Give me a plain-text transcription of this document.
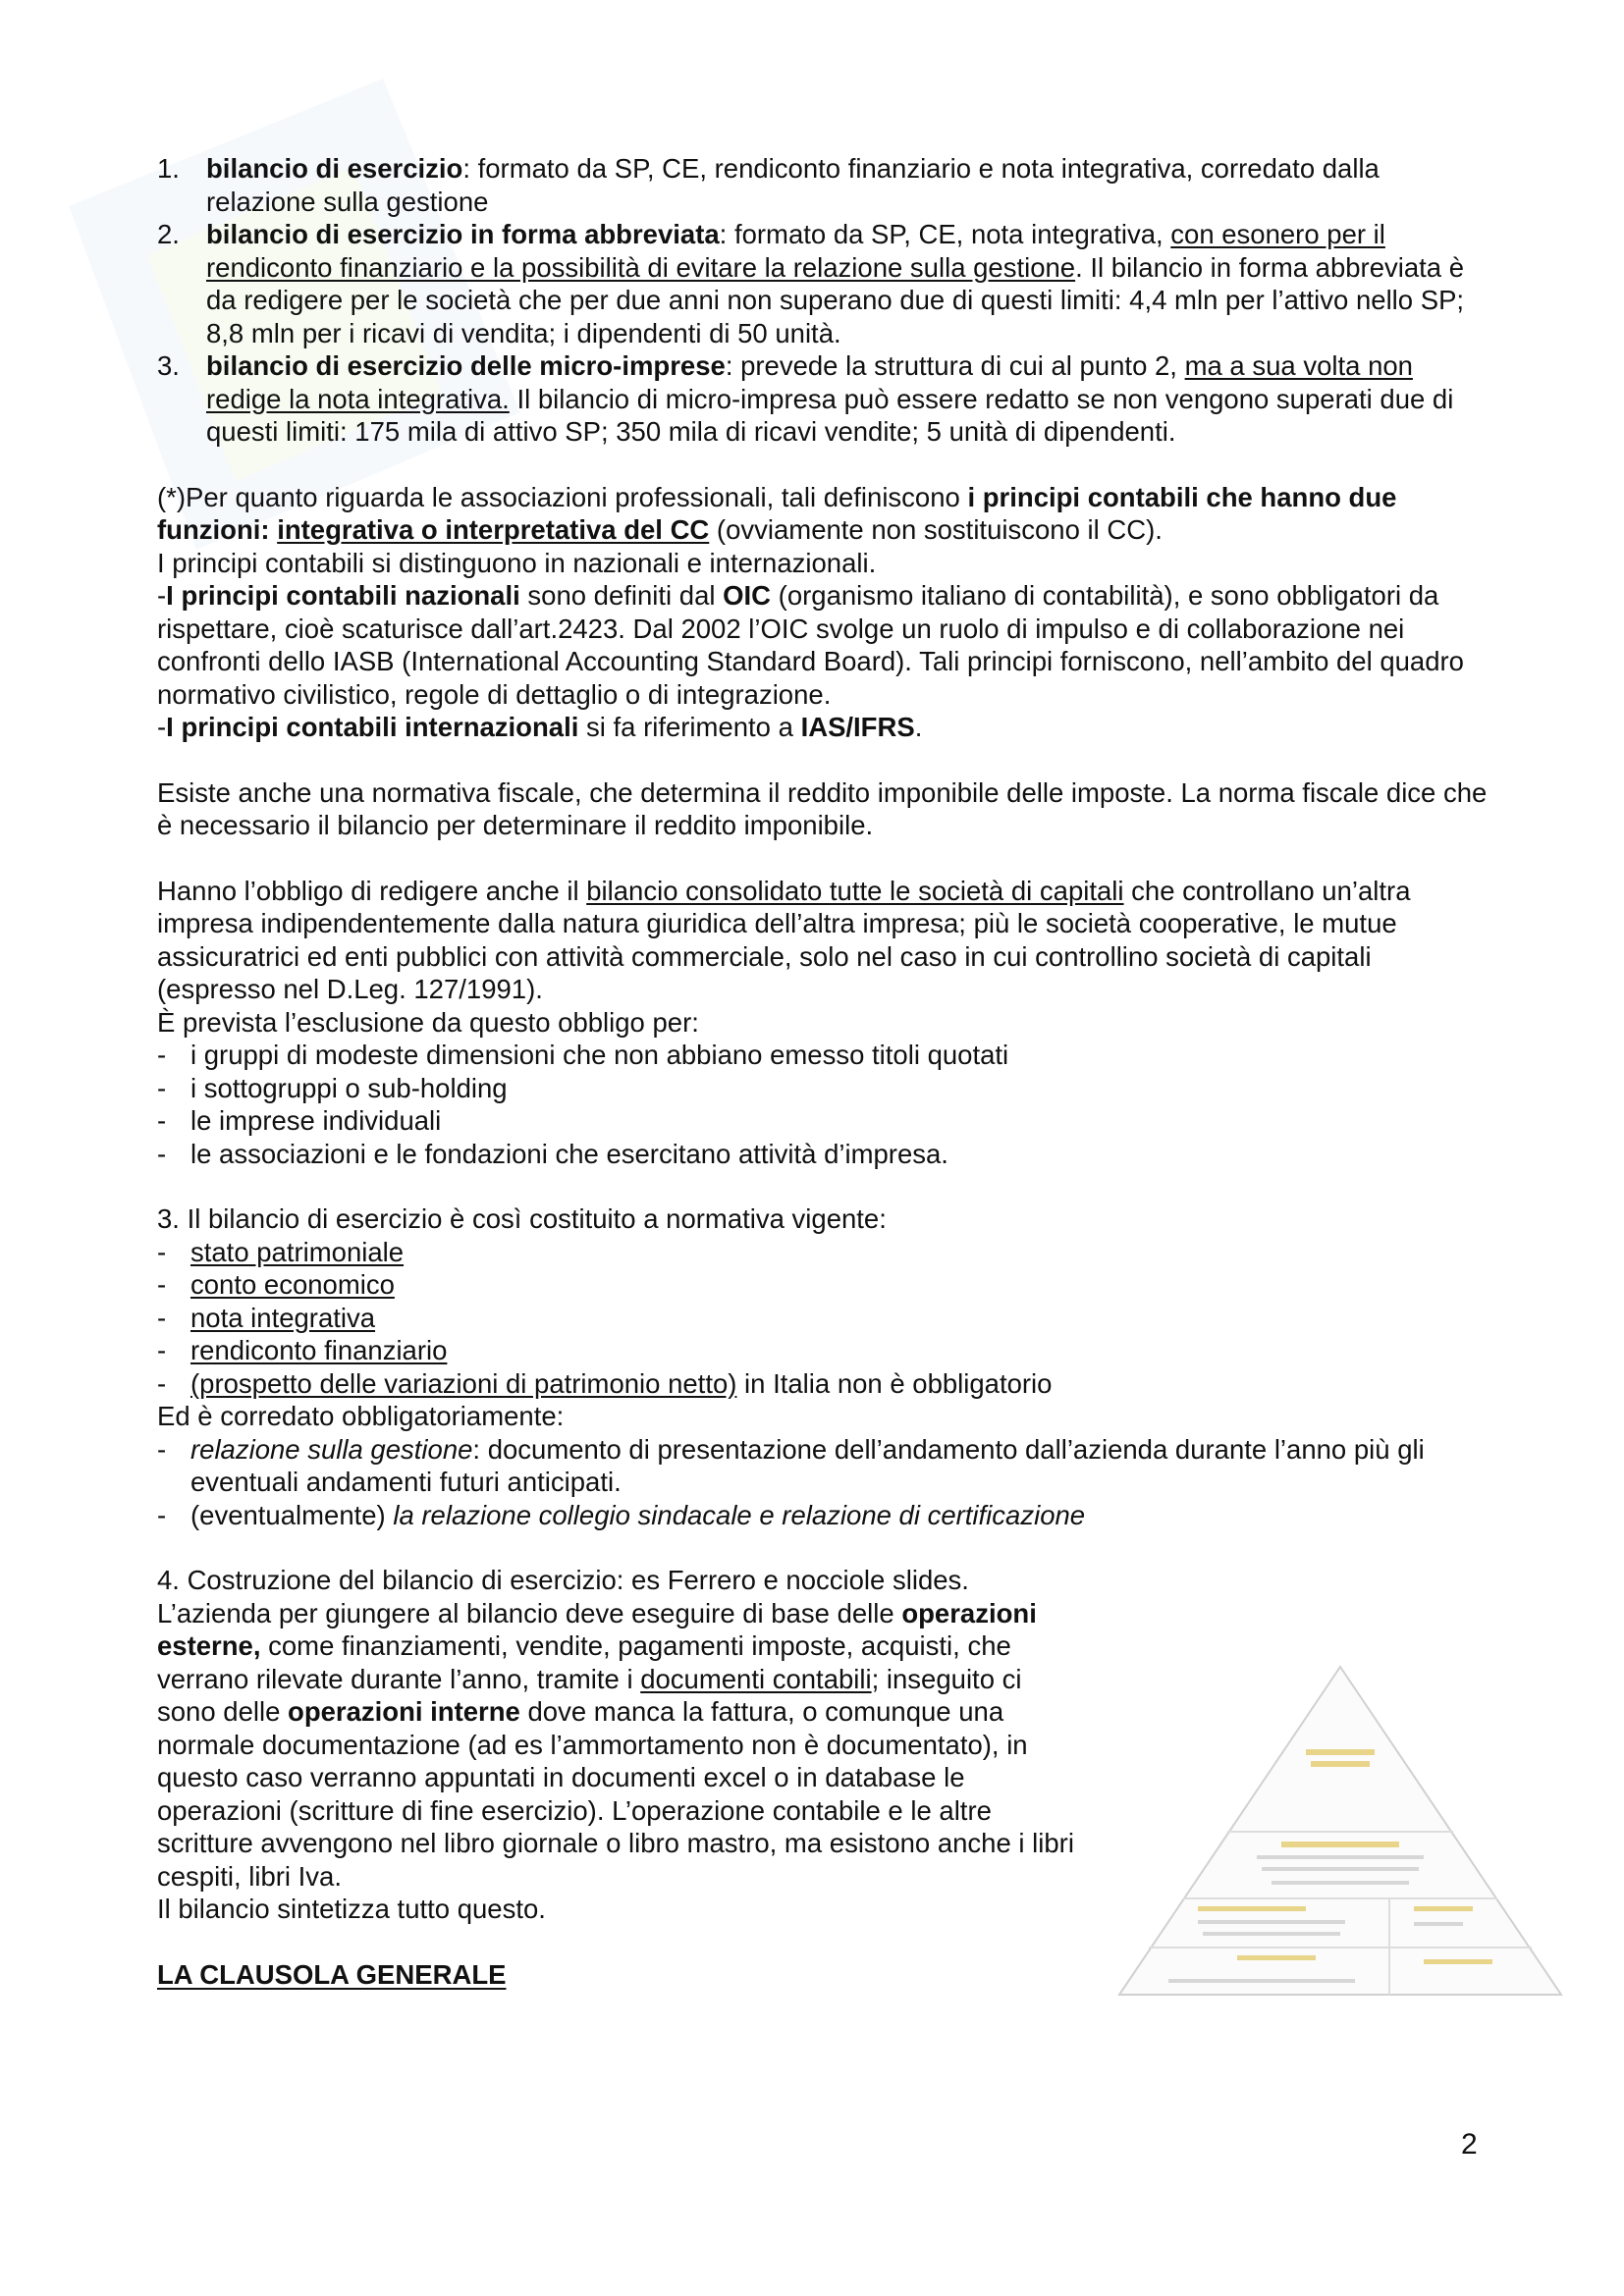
1. bilancio di esercizio: formato da SP, CE, rendiconto finanziario e nota integrativa, corredato dalla relazione sulla gestione
2. bilancio di esercizio in forma abbreviata: formato da SP, CE, nota integrativa, con esonero per il rendiconto finanziario e la possibilità di evitare la relazione sulla gestione. Il bilancio in forma abbreviata è da redigere per le società che per due anni non superano due di questi limiti: 4,4 mln per l’attivo nello SP; 8,8 mln per i ricavi di vendita; i dipendenti di 50 unità.
3. bilancio di esercizio delle micro-imprese: prevede la struttura di cui al punto 2, ma a sua volta non redige la nota integrativa. Il bilancio di micro-impresa può essere redatto se non vengono superati due di questi limiti: 175 mila di attivo SP; 350 mila di ricavi vendite; 5 unità di dipendenti.

(*)Per quanto riguarda le associazioni professionali, tali definiscono i principi contabili che hanno due funzioni: integrativa o interpretativa del CC (ovviamente non sostituiscono il CC).

I principi contabili si distinguono in nazionali e internazionali.

-I principi contabili nazionali sono definiti dal OIC (organismo italiano di contabilità), e sono obbligatori da rispettare, cioè scaturisce dall’art.2423. Dal 2002 l’OIC svolge un ruolo di impulso e di collaborazione nei confronti dello IASB (International Accounting Standard Board). Tali principi forniscono, nell’ambito del quadro normativo civilistico, regole di dettaglio o di integrazione.

-I principi contabili internazionali si fa riferimento a IAS/IFRS.

Esiste anche una normativa fiscale, che determina il reddito imponibile delle imposte. La norma fiscale dice che è necessario il bilancio per determinare il reddito imponibile.

Hanno l’obbligo di redigere anche il bilancio consolidato tutte le società di capitali che controllano un’altra impresa indipendentemente dalla natura giuridica dell’altra impresa; più le società cooperative, le mutue assicuratrici ed enti pubblici con attività commerciale, solo nel caso in cui controllino società di capitali (espresso nel D.Leg. 127/1991).

È prevista l’esclusione da questo obbligo per:

- i gruppi di modeste dimensioni che non abbiano emesso titoli quotati
- i sottogruppi o sub-holding
- le imprese individuali
- le associazioni e le fondazioni che esercitano attività d’impresa.

3. Il bilancio di esercizio è così costituito a normativa vigente:

- stato patrimoniale
- conto economico
- nota integrativa
- rendiconto finanziario
- (prospetto delle variazioni di patrimonio netto) in Italia non è obbligatorio

Ed è corredato obbligatoriamente:

- relazione sulla gestione: documento di presentazione dell’andamento dall’azienda durante l’anno più gli eventuali andamenti futuri anticipati.
- (eventualmente) la relazione collegio sindacale e relazione di certificazione

4. Costruzione del bilancio di esercizio: es Ferrero e nocciole slides.

L’azienda per giungere al bilancio deve eseguire di base delle operazioni esterne, come finanziamenti, vendite, pagamenti imposte, acquisti, che verrano rilevate durante l’anno, tramite i documenti contabili; inseguito ci sono delle operazioni interne dove manca la fattura, o comunque una normale documentazione (ad es l’ammortamento non è documentato), in questo caso verranno appuntati in documenti excel o in database le operazioni (scritture di fine esercizio). L’operazione contabile e le altre scritture avvengono nel libro giornale o libro mastro, ma esistono anche i libri cespiti, libri Iva.

Il bilancio sintetizza tutto questo.

LA CLAUSOLA GENERALE

2
